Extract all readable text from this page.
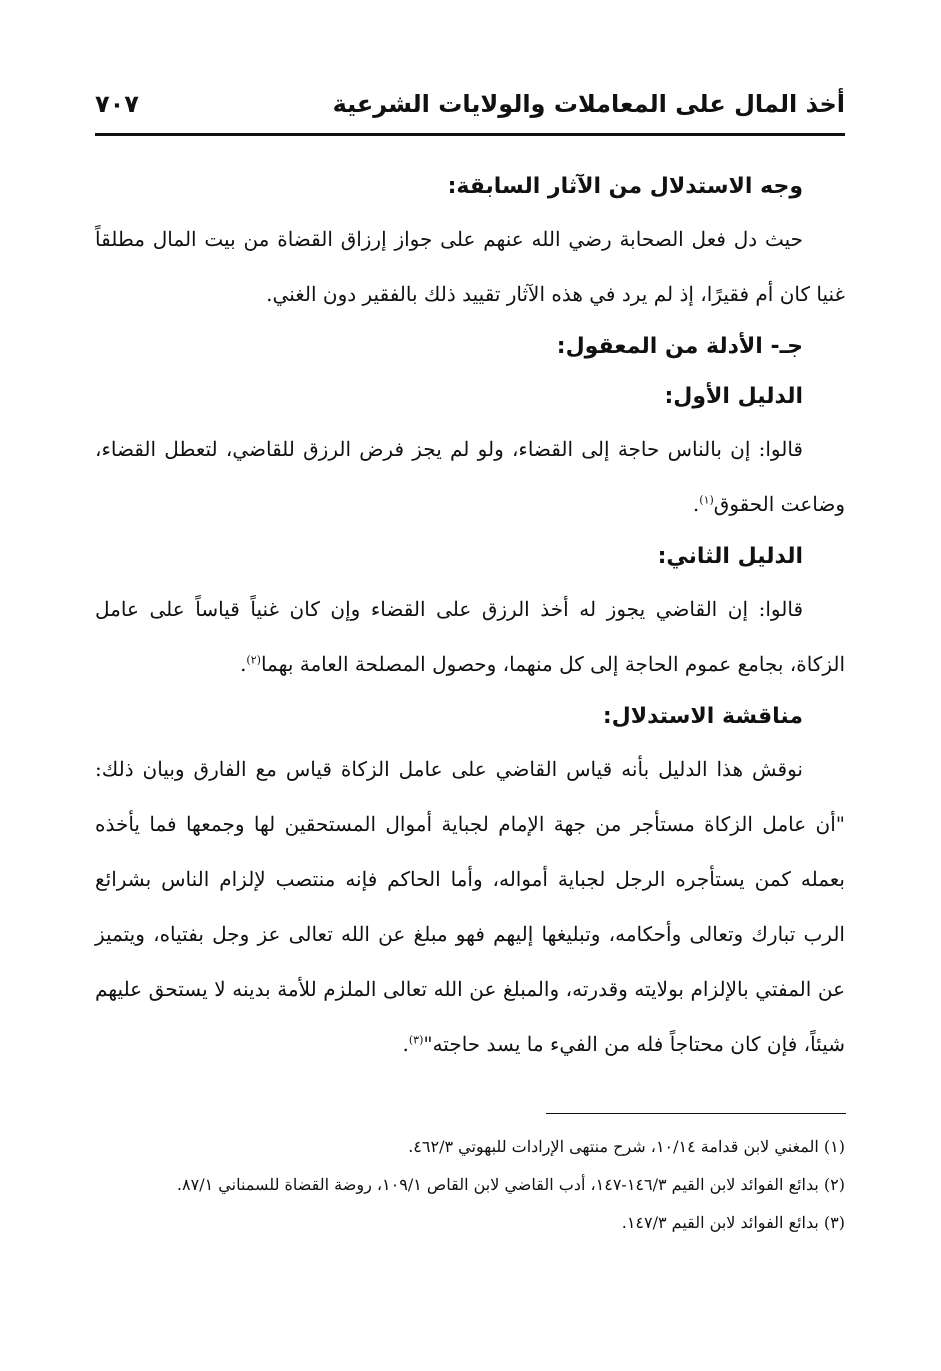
أخذ المال على المعاملات والولايات الشرعية
٧٠٧
وجه الاستدلال من الآثار السابقة:
حيث دل فعل الصحابة رضي الله عنهم على جواز إرزاق القضاة من بيت المال مطلقاً غنيا كان أم فقيرًا، إذ لم يرد في هذه الآثار تقييد ذلك بالفقير دون الغني.
جـ- الأدلة من المعقول:
الدليل الأول:
قالوا: إن بالناس حاجة إلى القضاء، ولو لم يجز فرض الرزق للقاضي، لتعطل القضاء، وضاعت الحقوق$^{(١)}$.
الدليل الثاني:
قالوا: إن القاضي يجوز له أخذ الرزق على القضاء وإن كان غنياً قياساً على عامل الزكاة، بجامع عموم الحاجة إلى كل منهما، وحصول المصلحة العامة بهما$^{(٢)}$.
مناقشة الاستدلال:
نوقش هذا الدليل بأنه قياس القاضي على عامل الزكاة قياس مع الفارق وبيان ذلك: "أن عامل الزكاة مستأجر من جهة الإمام لجباية أموال المستحقين لها وجمعها فما يأخذه بعمله كمن يستأجره الرجل لجباية أمواله، وأما الحاكم فإنه منتصب لإلزام الناس بشرائع الرب تبارك وتعالى وأحكامه، وتبليغها إليهم فهو مبلغ عن الله تعالى عز وجل بفتياه، ويتميز عن المفتي بالإلزام بولايته وقدرته، والمبلغ عن الله تعالى الملزم للأمة بدينه لا يستحق عليهم شيئاً، فإن كان محتاجاً فله من الفيء ما يسد حاجته"$^{(٣)}$.
(١) المغني لابن قدامة ١٠/١٤، شرح منتهى الإرادات للبهوتي ٤٦٢/٣.
(٢) بدائع الفوائد لابن القيم ١٤٦/٣-١٤٧، أدب القاضي لابن القاص ١٠٩/١، روضة القضاة للسمناني ٨٧/١.
(٣) بدائع الفوائد لابن القيم ١٤٧/٣.
